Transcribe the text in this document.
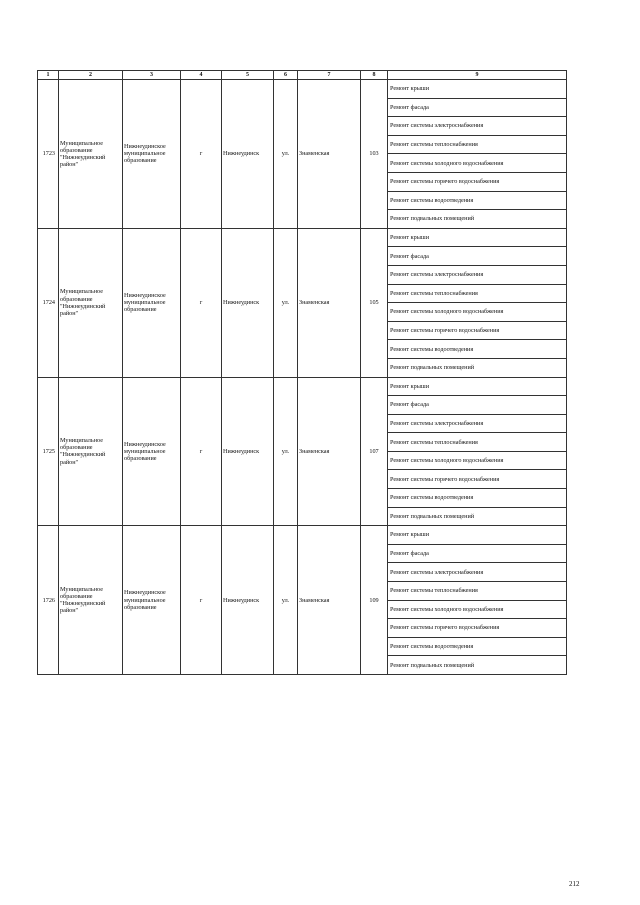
1	2	3	4	5	6	7	8	9
1723	Муниципальное образование "Нижнеудинский район"	Нижнеудинское муниципальное образование	г	Нижнеудинск	ул.	Знаменская	103	Ремонт крыши
								Ремонт фасада
								Ремонт системы электроснабжения
								Ремонт системы теплоснабжения
								Ремонт системы холодного водоснабжения
								Ремонт системы горячего водоснабжения
								Ремонт системы водоотведения
								Ремонт подвальных помещений
1724	Муниципальное образование "Нижнеудинский район"	Нижнеудинское муниципальное образование	г	Нижнеудинск	ул.	Знаменская	105	Ремонт крыши
								Ремонт фасада
								Ремонт системы электроснабжения
								Ремонт системы теплоснабжения
								Ремонт системы холодного водоснабжения
								Ремонт системы горячего водоснабжения
								Ремонт системы водоотведения
								Ремонт подвальных помещений
1725	Муниципальное образование "Нижнеудинский район"	Нижнеудинское муниципальное образование	г	Нижнеудинск	ул.	Знаменская	107	Ремонт крыши
								Ремонт фасада
								Ремонт системы электроснабжения
								Ремонт системы теплоснабжения
								Ремонт системы холодного водоснабжения
								Ремонт системы горячего водоснабжения
								Ремонт системы водоотведения
								Ремонт подвальных помещений
1726	Муниципальное образование "Нижнеудинский район"	Нижнеудинское муниципальное образование	г	Нижнеудинск	ул.	Знаменская	109	Ремонт крыши
								Ремонт фасада
								Ремонт системы электроснабжения
								Ремонт системы теплоснабжения
								Ремонт системы холодного водоснабжения
								Ремонт системы горячего водоснабжения
								Ремонт системы водоотведения
								Ремонт подвальных помещений
212
